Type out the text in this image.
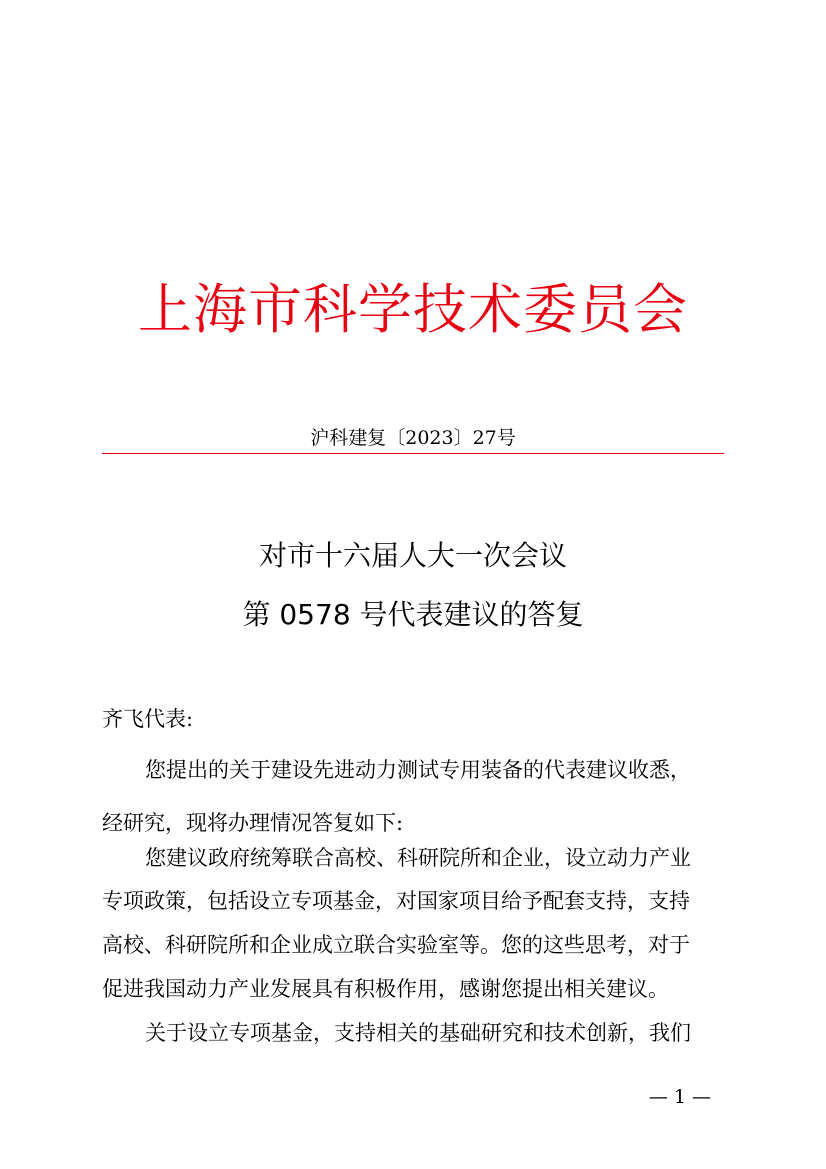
上海市科学技术委员会
沪科建复〔2023〕27号
对市十六届人大一次会议
第 0578 号代表建议的答复
齐飞代表:
您提出的关于建设先进动力测试专用装备的代表建议收悉，
经研究，现将办理情况答复如下:
您建议政府统筹联合高校、科研院所和企业，设立动力产业
专项政策，包括设立专项基金，对国家项目给予配套支持，支持
高校、科研院所和企业成立联合实验室等。您的这些思考，对于
促进我国动力产业发展具有积极作用，感谢您提出相关建议。
关于设立专项基金，支持相关的基础研究和技术创新，我们
— 1 —
